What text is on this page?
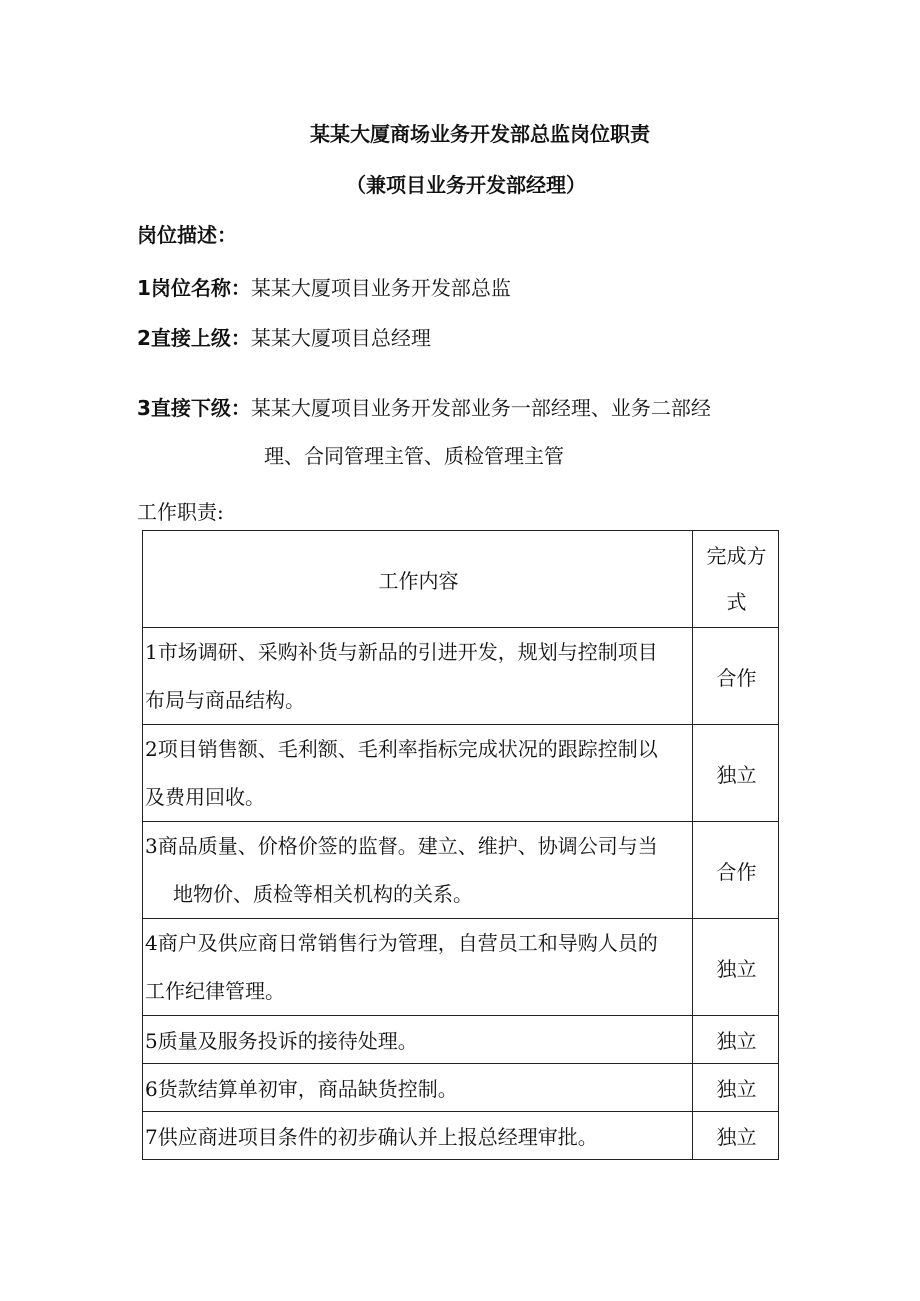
某某大厦商场业务开发部总监岗位职责
（兼项目业务开发部经理）
岗位描述：
1岗位名称：某某大厦项目业务开发部总监
2直接上级：某某大厦项目总经理
3直接下级：某某大厦项目业务开发部业务一部经理、业务二部经
理、合同管理主管、质检管理主管
工作职责:
工作内容	完成方
式

1市场调研、采购补货与新品的引进开发，规划与控制项目
布局与商品结构。	合作

2项目销售额、毛利额、毛利率指标完成状况的跟踪控制以
及费用回收。	独立

3商品质量、价格价签的监督。建立、维护、协调公司与当
地物价、质检等相关机构的关系。	合作

4商户及供应商日常销售行为管理，自营员工和导购人员的
工作纪律管理。	独立
5质量及服务投诉的接待处理。	独立
6货款结算单初审，商品缺货控制。	独立
7供应商进项目条件的初步确认并上报总经理审批。	独立
